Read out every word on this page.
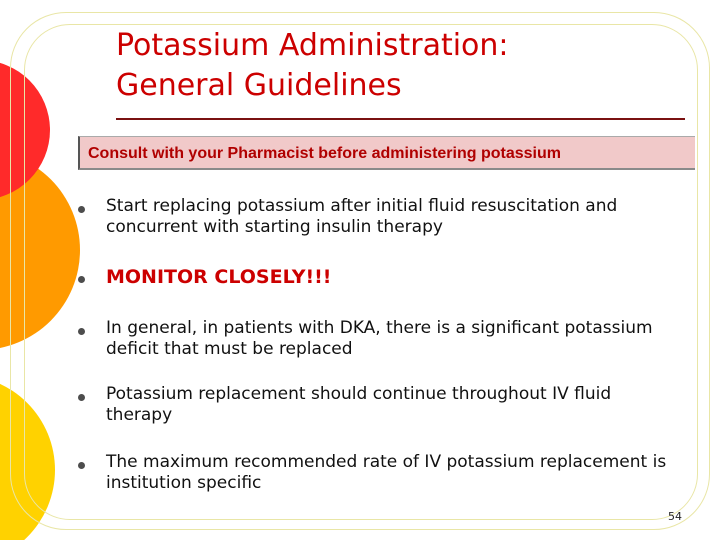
Potassium Administration:
General Guidelines
Consult with your Pharmacist before administering potassium
Start replacing potassium after initial fluid resuscitation and concurrent with starting insulin therapy
MONITOR CLOSELY!!!
In general, in patients with DKA, there is a significant potassium deficit that must be replaced
Potassium replacement should continue throughout IV fluid therapy
The maximum recommended rate of IV potassium replacement is institution specific
54
